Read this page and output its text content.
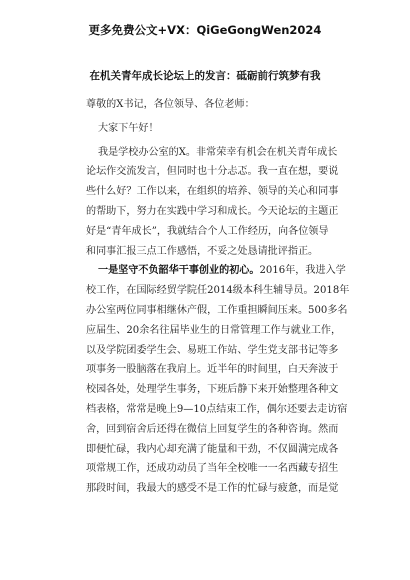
更多免费公文+VX：QiGeGongWen2024
在机关青年成长论坛上的发言：砥砺前行筑梦有我
尊敬的X书记，各位领导、各位老师：
大家下午好！
我是学校办公室的X。非常荣幸有机会在机关青年成长
论坛作交流发言，但同时也十分忐忑。我一直在想，要说
些什么好？工作以来，在组织的培养、领导的关心和同事
的帮助下，努力在实践中学习和成长。今天论坛的主题正
好是“青年成长”，我就结合个人工作经历，向各位领导
和同事汇报三点工作感悟，不妥之处恳请批评指正。
一是坚守不负韶华干事创业的初心。2016年，我进入学
校工作，在国际经贸学院任2014级本科生辅导员。2018年
办公室两位同事相继休产假，工作重担瞬间压来。500多名
应届生、20余名往届毕业生的日常管理工作与就业工作，
以及学院团委学生会、易班工作站、学生党支部书记等多
项事务一股脑落在我肩上。近半年的时间里，白天奔波于
校园各处，处理学生事务，下班后静下来开始整理各种文
档表格，常常是晚上9—10点结束工作，偶尔还要去走访宿
舍，回到宿舍后还得在微信上回复学生的各种咨询。然而
即便忙碌，我内心却充满了能量和干劲，不仅圆满完成各
项常规工作，还成功动员了当年全校唯一一名西藏专招生
那段时间，我最大的感受不是工作的忙碌与疲惫，而是觉
